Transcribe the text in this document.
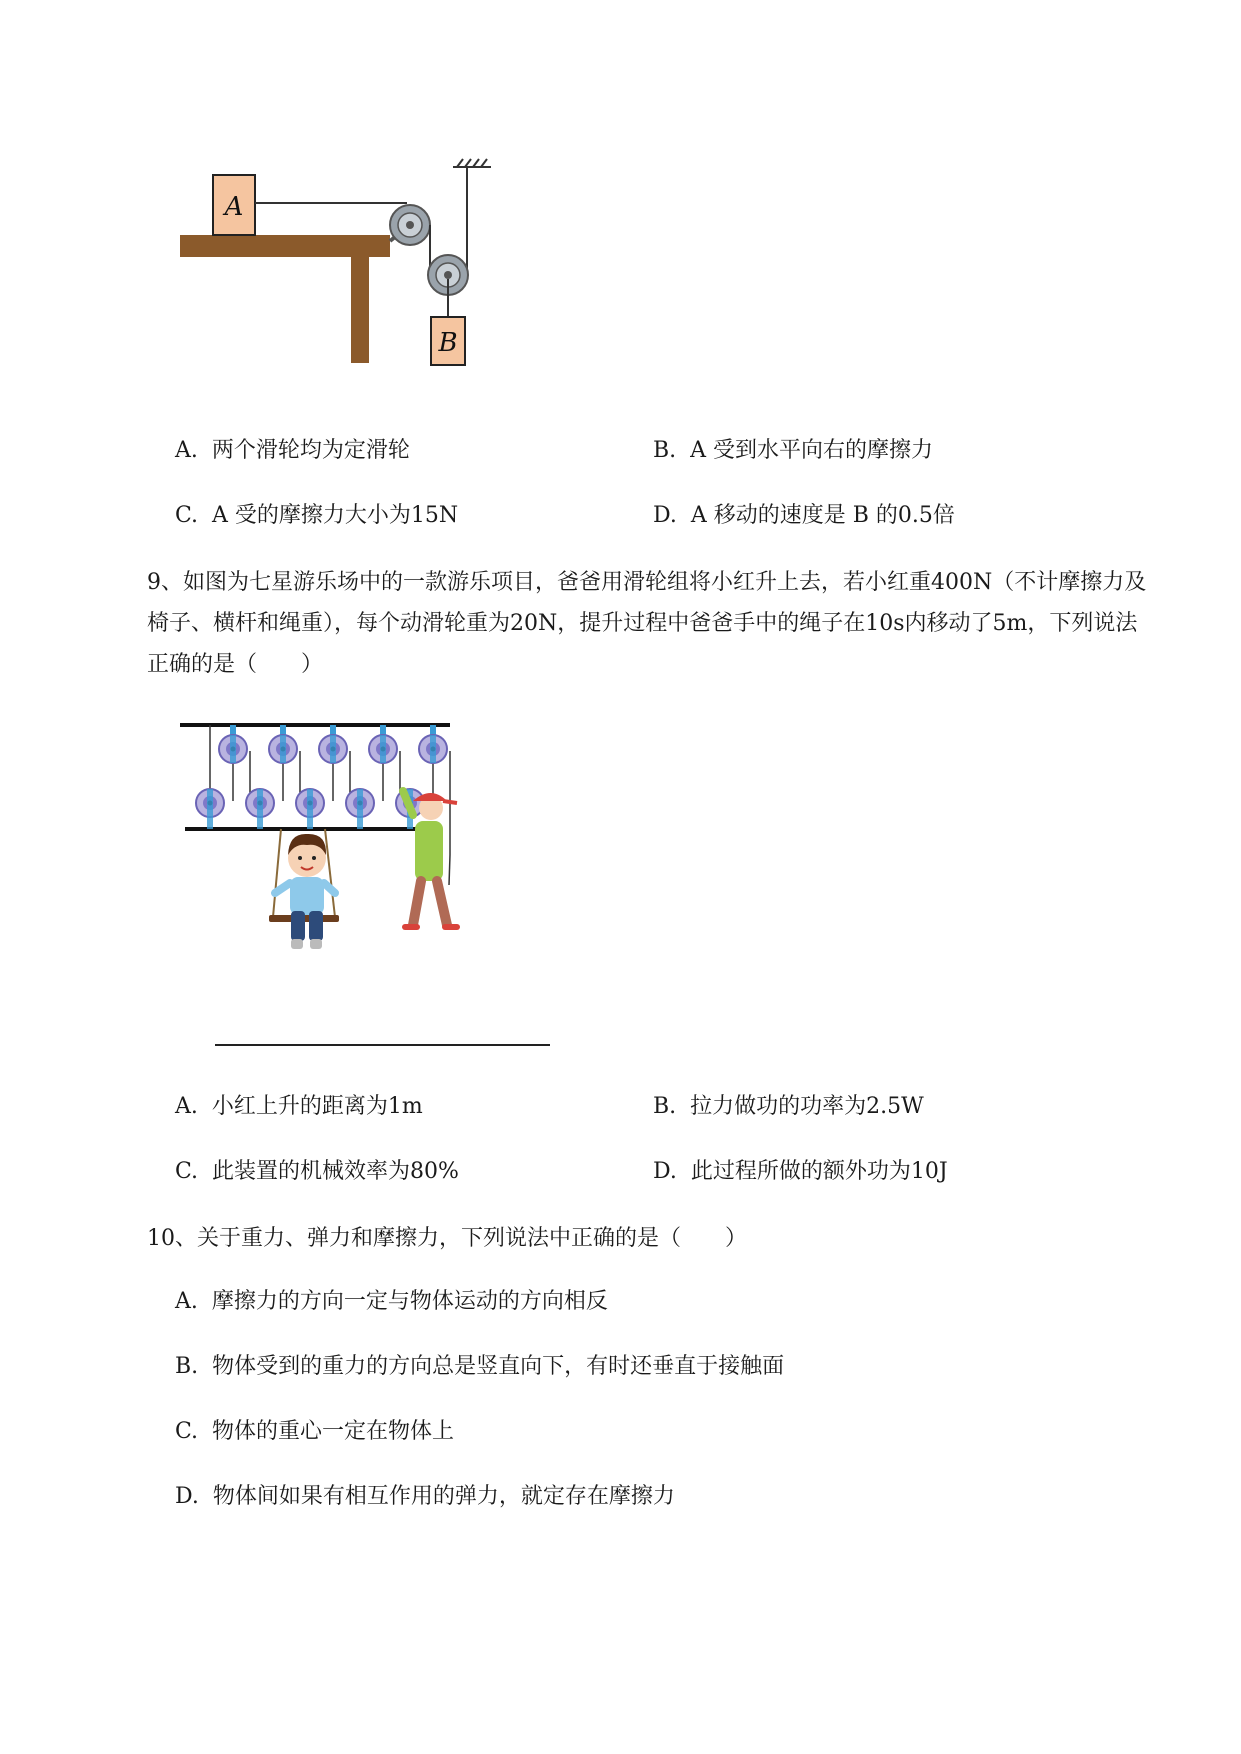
A
B
A. 两个滑轮均为定滑轮	B. A 受到水平向右的摩擦力
C. A 受的摩擦力大小为15N	D. A 移动的速度是 B 的0.5倍
9、如图为七星游乐场中的一款游乐项目，爸爸用滑轮组将小红升上去，若小红重400N（不计摩擦力及椅子、横杆和绳重），每个动滑轮重为20N，提升过程中爸爸手中的绳子在10s内移动了5m，下列说法正确的是（　　）
A. 小红上升的距离为1m	B. 拉力做功的功率为2.5W
C. 此装置的机械效率为80%	D. 此过程所做的额外功为10J
10、关于重力、弹力和摩擦力，下列说法中正确的是（　　）
A. 摩擦力的方向一定与物体运动的方向相反
B. 物体受到的重力的方向总是竖直向下，有时还垂直于接触面
C. 物体的重心一定在物体上
D. 物体间如果有相互作用的弹力，就定存在摩擦力
